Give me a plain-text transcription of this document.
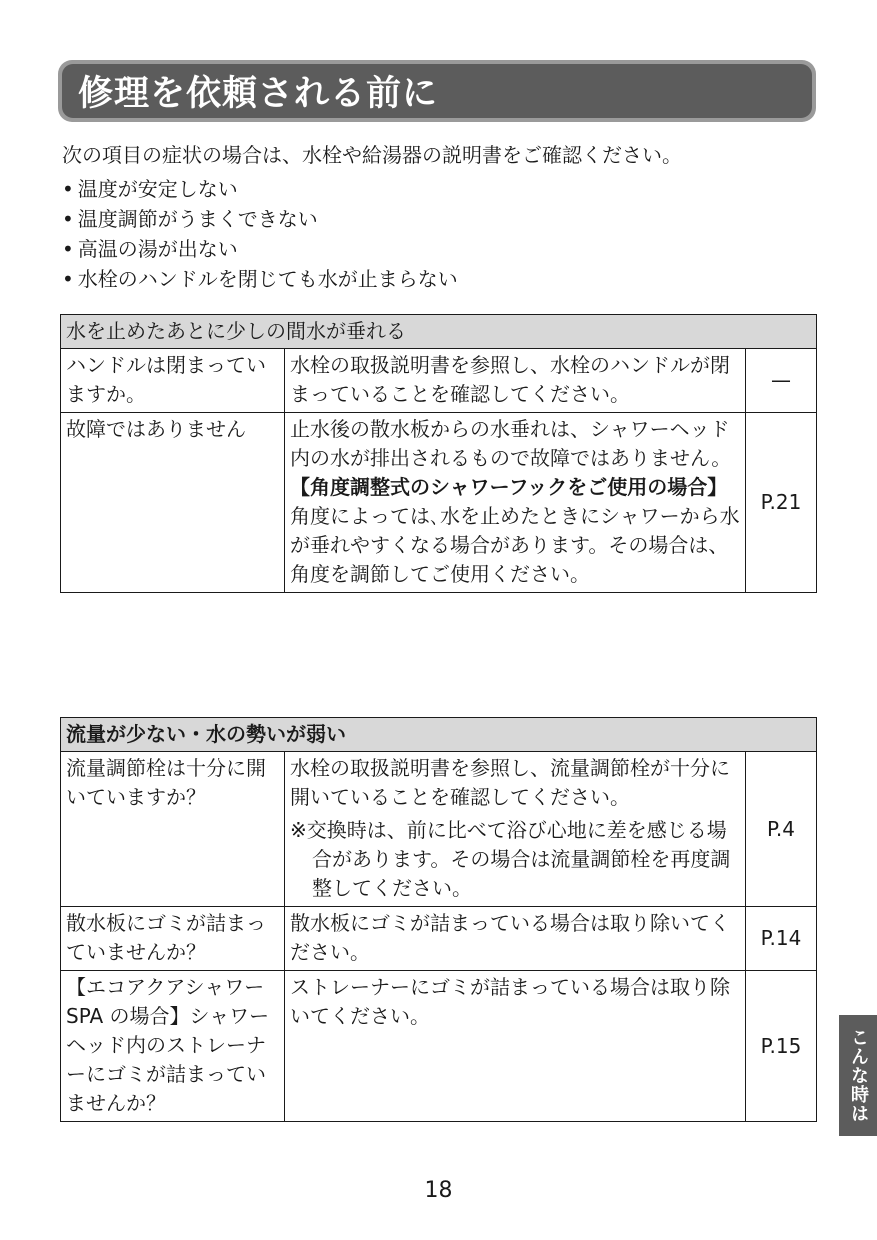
修理を依頼される前に
次の項目の症状の場合は、水栓や給湯器の説明書をご確認ください。
• 温度が安定しない
• 温度調節がうまくできない
• 高温の湯が出ない
• 水栓のハンドルを閉じても水が止まらない
水を止めたあとに少しの間水が垂れる		
ハンドルは閉まっていますか。	水栓の取扱説明書を参照し、水栓のハンドルが閉まっていることを確認してください。	—
故障ではありません	止水後の散水板からの水垂れは、シャワーヘッド内の水が排出されるもので故障ではありません。
【角度調整式のシャワーフックをご使用の場合】
角度によっては､水を止めたときにシャワーから水が垂れやすくなる場合があります。その場合は、角度を調節してご使用ください。	P.21
流量が少ない・水の勢いが弱い		
流量調節栓は十分に開いていますか？	水栓の取扱説明書を参照し、流量調節栓が十分に開いていることを確認してください。
※交換時は、前に比べて浴び心地に差を感じる場合があります。その場合は流量調節栓を再度調整してください。	P.4
散水板にゴミが詰まっていませんか？	散水板にゴミが詰まっている場合は取り除いてください。	P.14
【エコアクアシャワー SPA の場合】シャワーヘッド内のストレーナーにゴミが詰まっていませんか？	ストレーナーにゴミが詰まっている場合は取り除いてください。	P.15	こんな時は
18
